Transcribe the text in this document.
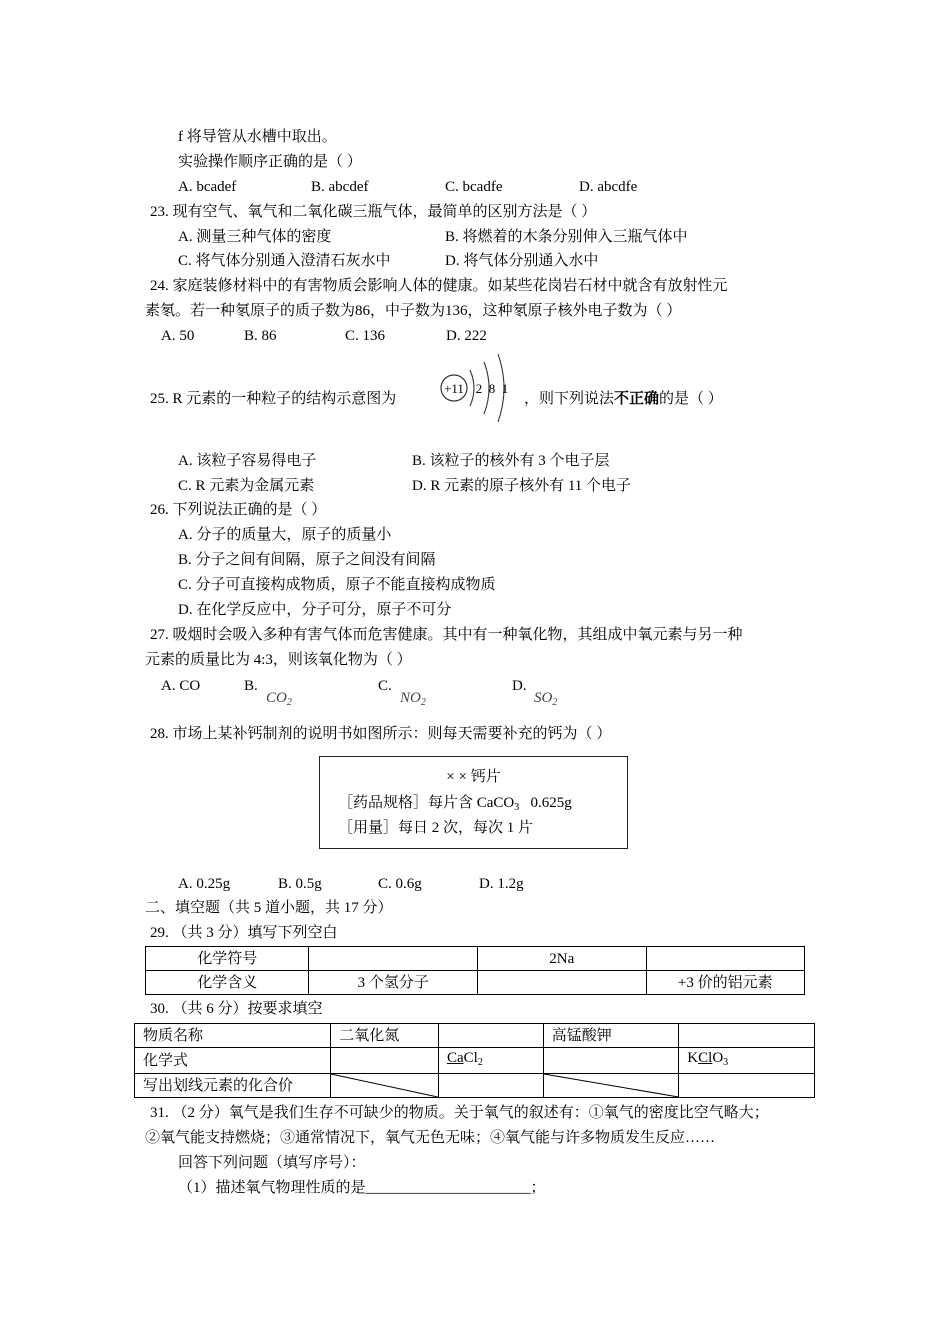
f 将导管从水槽中取出。
实验操作顺序正确的是（ ）
A. bcadef	B. abcdef	C. bcadfe	D. abcdfe
23. 现有空气、氧气和二氧化碳三瓶气体，最简单的区别方法是（ ）
A. 测量三种气体的密度	B. 将燃着的木条分别伸入三瓶气体中
C. 将气体分别通入澄清石灰水中	D. 将气体分别通入水中
24. 家庭装修材料中的有害物质会影响人体的健康。如某些花岗岩石材中就含有放射性元
素氡。若一种氡原子的质子数为86，中子数为136，这种氡原子核外电子数为（ ）
A. 50	B. 86	C. 136	D. 222
25. R 元素的一种粒子的结构示意图为	，则下列说法不正确的是（ ）
+11 2 8 1
A. 该粒子容易得电子	B. 该粒子的核外有 3 个电子层
C. R 元素为金属元素	D. R 元素的原子核外有 11 个电子
26. 下列说法正确的是（ ）
A. 分子的质量大，原子的质量小
B. 分子之间有间隔，原子之间没有间隔
C. 分子可直接构成物质，原子不能直接构成物质
D. 在化学反应中，分子可分，原子不可分
27. 吸烟时会吸入多种有害气体而危害健康。其中有一种氧化物，其组成中氧元素与另一种
元素的质量比为 4:3，则该氧化物为（ ）
A. CO	B.
$CO_2$
C.
$NO_2$
D.
$SO_2$
28. 市场上某补钙制剂的说明书如图所示：则每天需要补充的钙为（ ）
× × 钙片
［药品规格］每片含 CaCO$_3$ 0.625g
［用量］每日 2 次，每次 1 片
A. 0.25g	B. 0.5g	C. 0.6g	D. 1.2g
二、填空题（共 5 道小题，共 17 分）
29. （共 3 分）填写下列空白
化学符号		2Na	
化学含义	3 个氢分子		+3 价的铝元素
30. （共 6 分）按要求填空
物质名称	二氧化氮		高锰酸钾	
化学式		CaCl$_2$		KClO$_3$
写出划线元素的化合价	

31. （2 分）氧气是我们生存不可缺少的物质。关于氧气的叙述有：①氧气的密度比空气略大；
②氧气能支持燃烧；③通常情况下，氧气无色无味；④氧气能与许多物质发生反应……
回答下列问题（填写序号）：
（1）描述氧气物理性质的是______________________；
